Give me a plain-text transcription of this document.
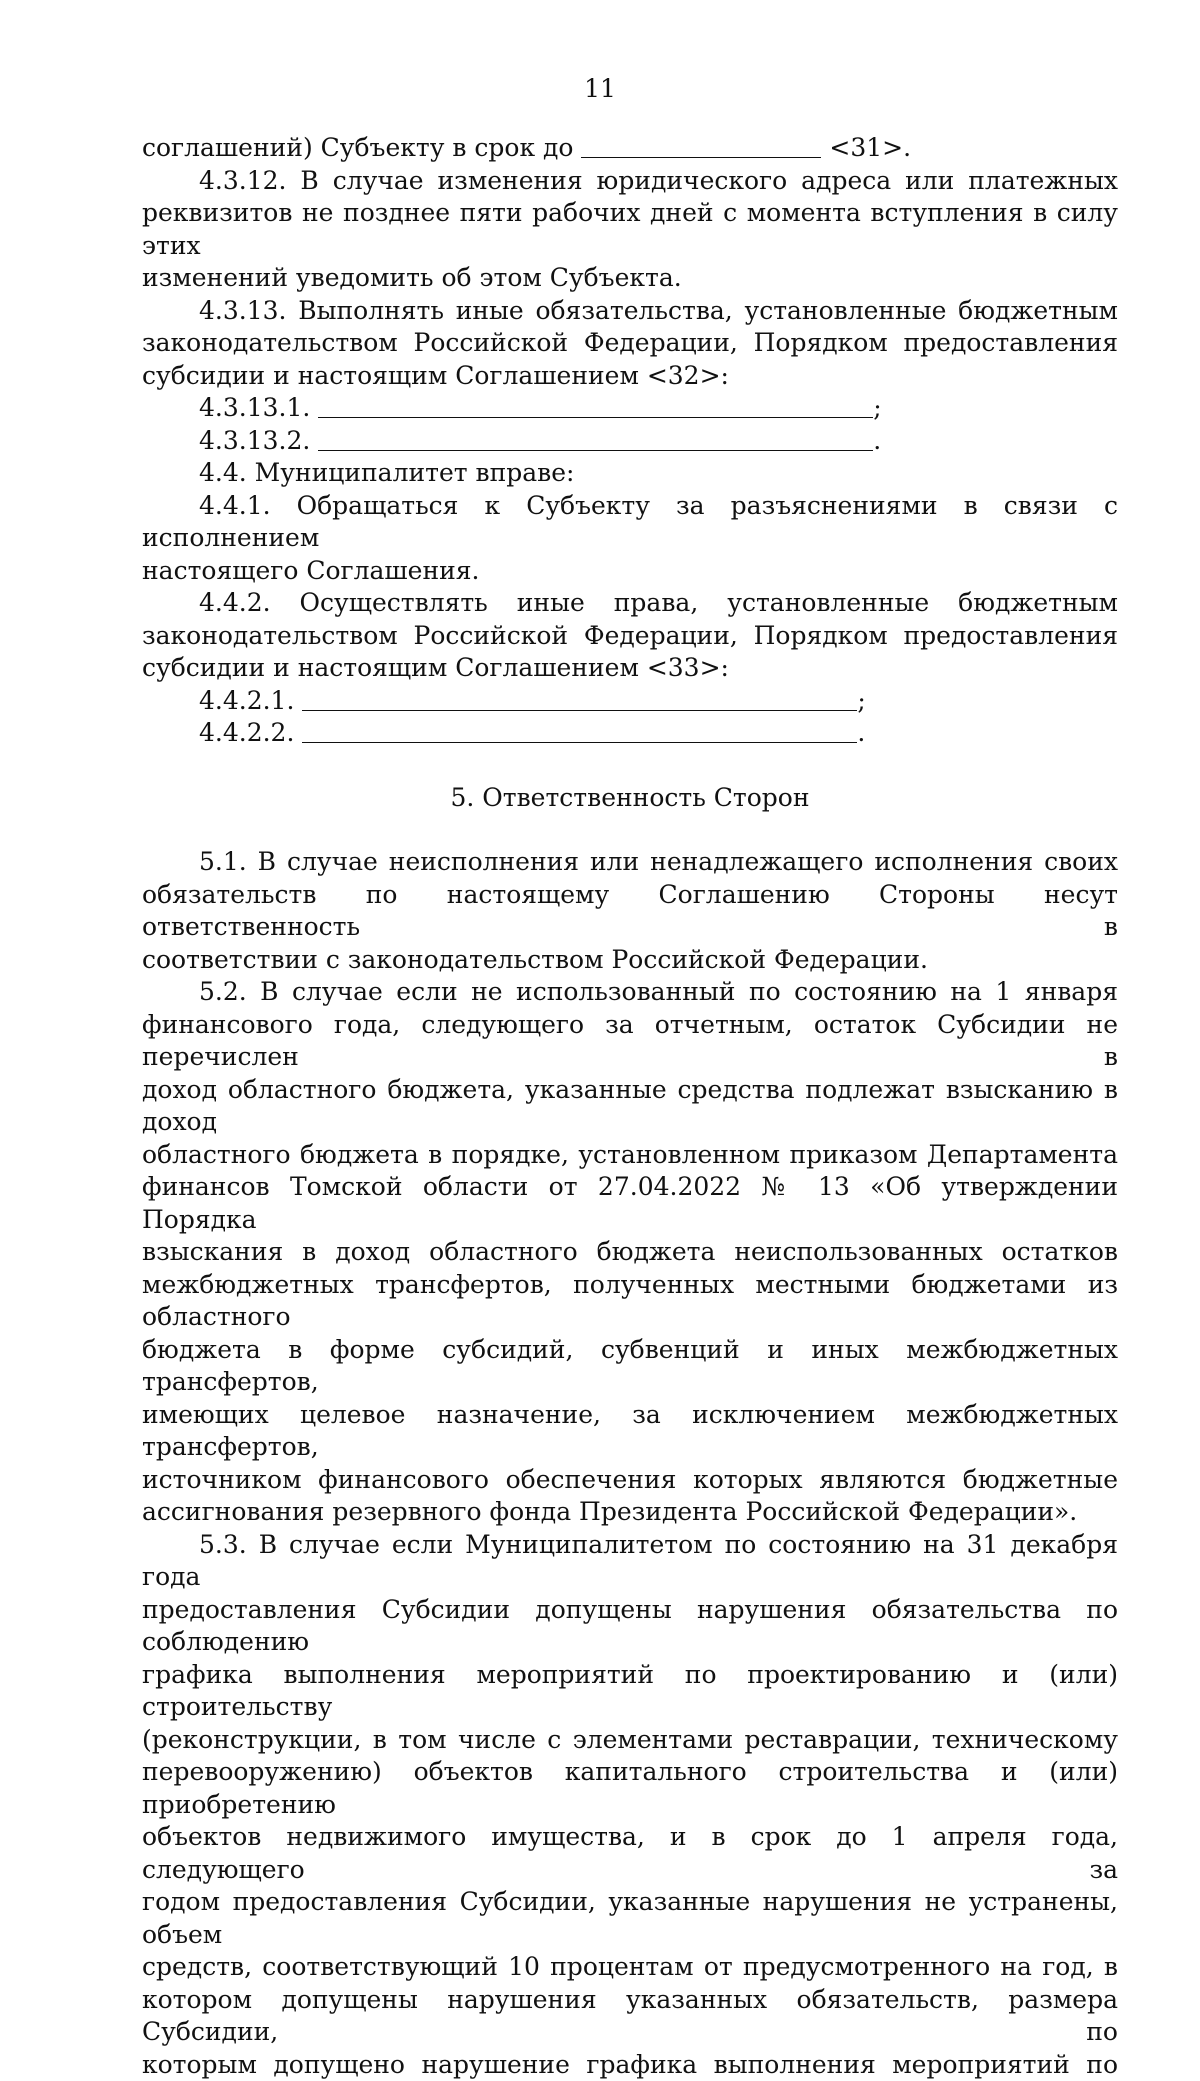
11

соглашений) Субъекту в срок до	<31>.

4.3.12. В случае изменения юридического адреса или платежных

реквизитов не позднее пяти рабочих дней с момента вступления в силу этих

изменений уведомить об этом Субъекта.

4.3.13. Выполнять иные обязательства, установленные бюджетным

законодательством Российской Федерации, Порядком предоставления

субсидии и настоящим Соглашением <32>:

4.3.13.1.	;

4.3.13.2.	.

4.4. Муниципалитет вправе:

4.4.1. Обращаться к Субъекту за разъяснениями в связи с исполнением

настоящего Соглашения.

4.4.2. Осуществлять иные права, установленные бюджетным

законодательством Российской Федерации, Порядком предоставления

субсидии и настоящим Соглашением <33>:

4.4.2.1.	;

4.4.2.2.	.

5. Ответственность Сторон

5.1. В случае неисполнения или ненадлежащего исполнения своих

обязательств по настоящему Соглашению Стороны несут ответственность в

соответствии с законодательством Российской Федерации.

5.2. В случае если не использованный по состоянию на 1 января

финансового года, следующего за отчетным, остаток Субсидии не перечислен в

доход областного бюджета, указанные средства подлежат взысканию в доход

областного бюджета в порядке, установленном приказом Департамента

финансов Томской области от 27.04.2022 № 13 «Об утверждении Порядка

взыскания в доход областного бюджета неиспользованных остатков

межбюджетных трансфертов, полученных местными бюджетами из областного

бюджета в форме субсидий, субвенций и иных межбюджетных трансфертов,

имеющих целевое назначение, за исключением межбюджетных трансфертов,

источником финансового обеспечения которых являются бюджетные

ассигнования резервного фонда Президента Российской Федерации».

5.3. В случае если Муниципалитетом по состоянию на 31 декабря года

предоставления Субсидии допущены нарушения обязательства по соблюдению

графика выполнения мероприятий по проектированию и (или) строительству

(реконструкции, в том числе с элементами реставрации, техническому

перевооружению) объектов капитального строительства и (или) приобретению

объектов недвижимого имущества, и в срок до 1 апреля года, следующего за

годом предоставления Субсидии, указанные нарушения не устранены, объем

средств, соответствующий 10 процентам от предусмотренного на год, в

котором допущены нарушения указанных обязательств, размера Субсидии, по

которым допущено нарушение графика выполнения мероприятий по
